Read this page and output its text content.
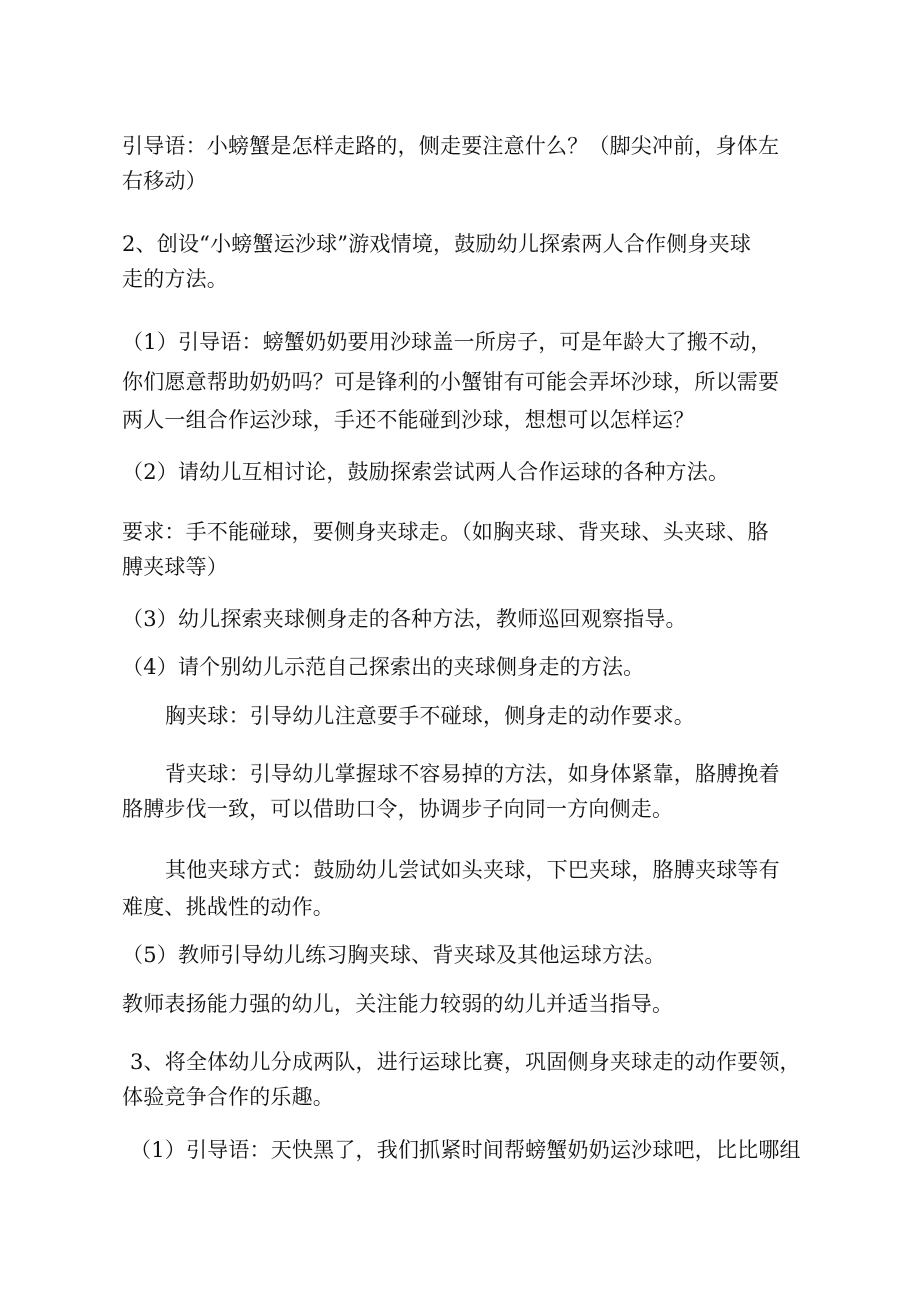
引导语：小螃蟹是怎样走路的，侧走要注意什么？（脚尖冲前，身体左
右移动）
2、创设“小螃蟹运沙球”游戏情境，鼓励幼儿探索两人合作侧身夹球
走的方法。
（1）引导语：螃蟹奶奶要用沙球盖一所房子，可是年龄大了搬不动，
你们愿意帮助奶奶吗？可是锋利的小蟹钳有可能会弄坏沙球，所以需要
两人一组合作运沙球，手还不能碰到沙球，想想可以怎样运？
（2）请幼儿互相讨论，鼓励探索尝试两人合作运球的各种方法。
要求：手不能碰球，要侧身夹球走。（如胸夹球、背夹球、头夹球、胳
膊夹球等）
（3）幼儿探索夹球侧身走的各种方法，教师巡回观察指导。
（4）请个别幼儿示范自己探索出的夹球侧身走的方法。
胸夹球：引导幼儿注意要手不碰球，侧身走的动作要求。
背夹球：引导幼儿掌握球不容易掉的方法，如身体紧靠，胳膊挽着
胳膊步伐一致，可以借助口令，协调步子向同一方向侧走。
其他夹球方式：鼓励幼儿尝试如头夹球，下巴夹球，胳膊夹球等有
难度、挑战性的动作。
（5）教师引导幼儿练习胸夹球、背夹球及其他运球方法。
教师表扬能力强的幼儿，关注能力较弱的幼儿并适当指导。
3、将全体幼儿分成两队，进行运球比赛，巩固侧身夹球走的动作要领，
体验竞争合作的乐趣。
（1）引导语：天快黑了，我们抓紧时间帮螃蟹奶奶运沙球吧，比比哪组
